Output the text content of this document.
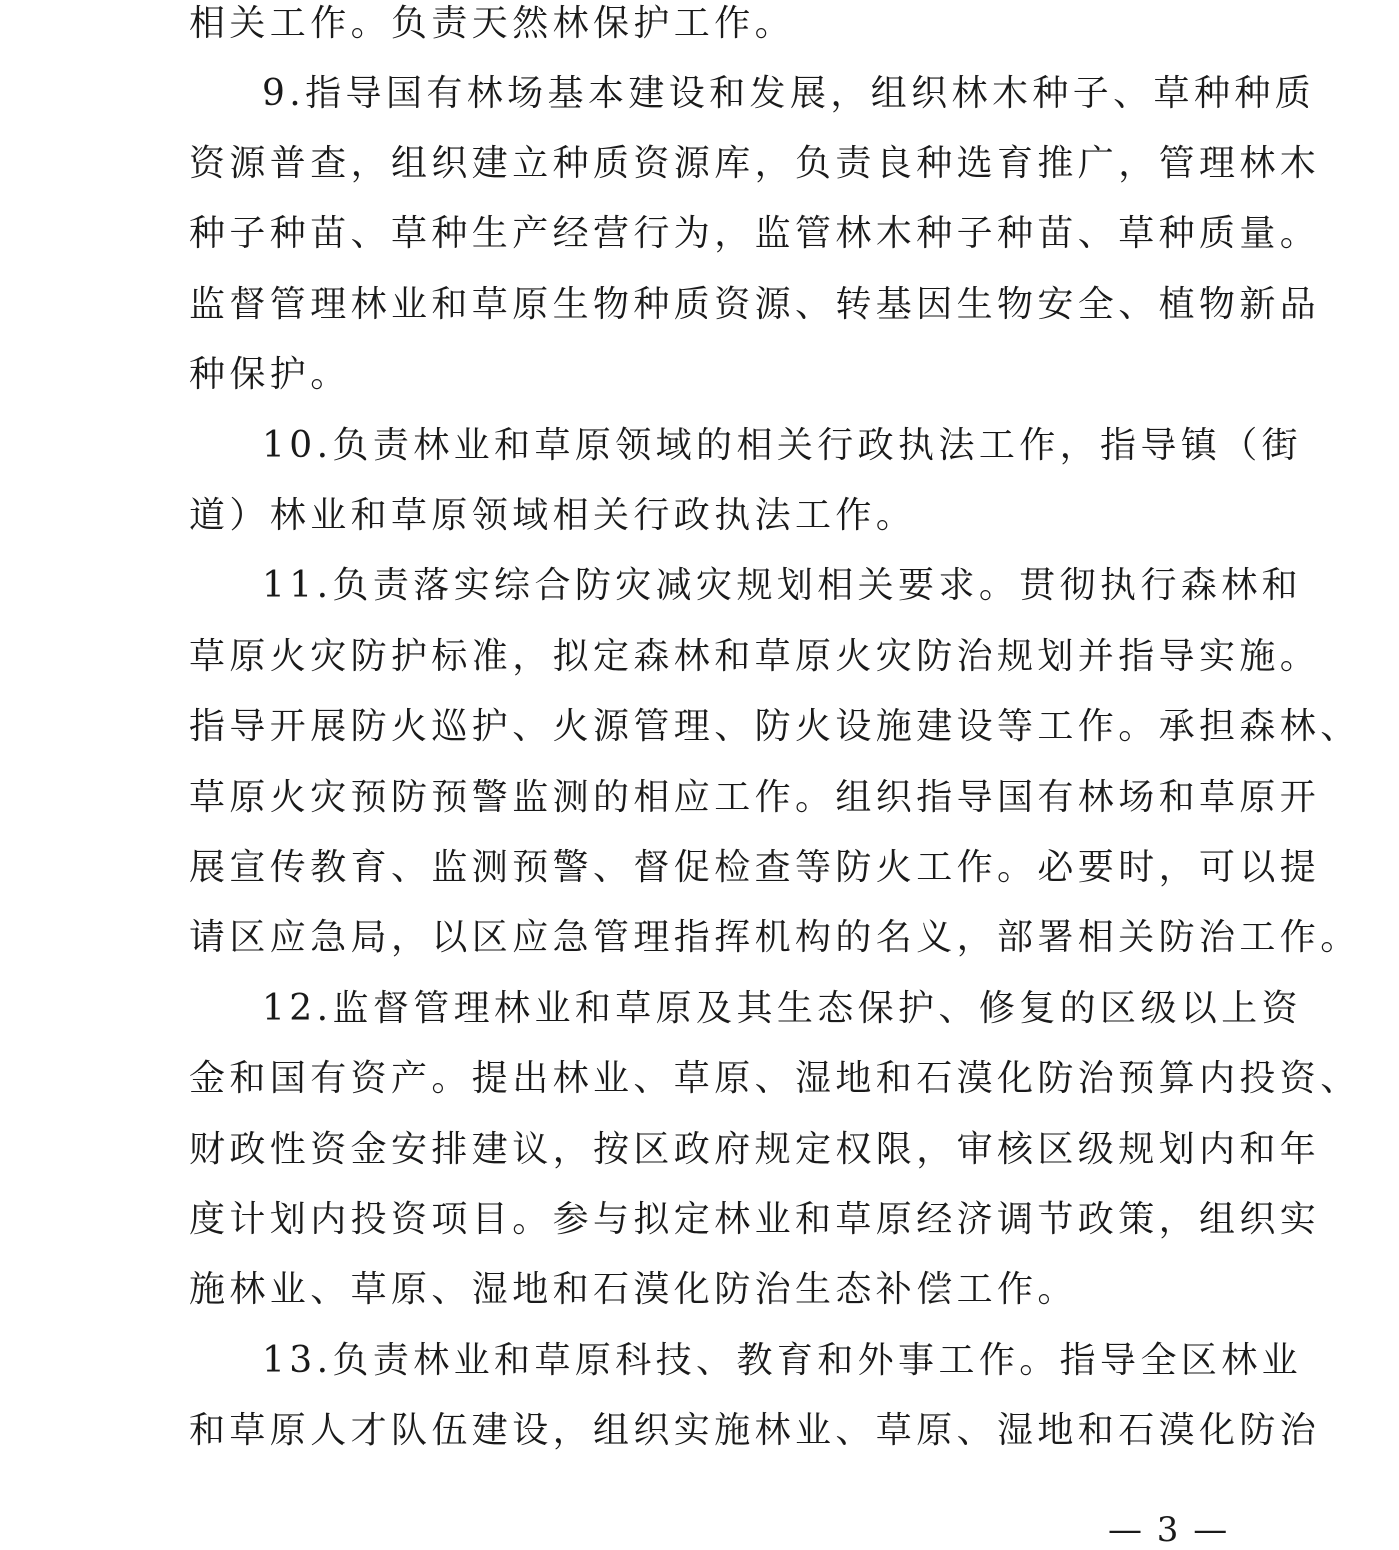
相关工作。负责天然林保护工作。
9.指导国有林场基本建设和发展，组织林木种子、草种种质
资源普查，组织建立种质资源库，负责良种选育推广，管理林木
种子种苗、草种生产经营行为，监管林木种子种苗、草种质量。
监督管理林业和草原生物种质资源、转基因生物安全、植物新品
种保护。
10.负责林业和草原领域的相关行政执法工作，指导镇（街
道）林业和草原领域相关行政执法工作。
11.负责落实综合防灾减灾规划相关要求。贯彻执行森林和
草原火灾防护标准，拟定森林和草原火灾防治规划并指导实施。
指导开展防火巡护、火源管理、防火设施建设等工作。承担森林、
草原火灾预防预警监测的相应工作。组织指导国有林场和草原开
展宣传教育、监测预警、督促检查等防火工作。必要时，可以提
请区应急局，以区应急管理指挥机构的名义，部署相关防治工作。
12.监督管理林业和草原及其生态保护、修复的区级以上资
金和国有资产。提出林业、草原、湿地和石漠化防治预算内投资、
财政性资金安排建议，按区政府规定权限，审核区级规划内和年
度计划内投资项目。参与拟定林业和草原经济调节政策，组织实
施林业、草原、湿地和石漠化防治生态补偿工作。
13.负责林业和草原科技、教育和外事工作。指导全区林业
和草原人才队伍建设，组织实施林业、草原、湿地和石漠化防治
— 3 —
